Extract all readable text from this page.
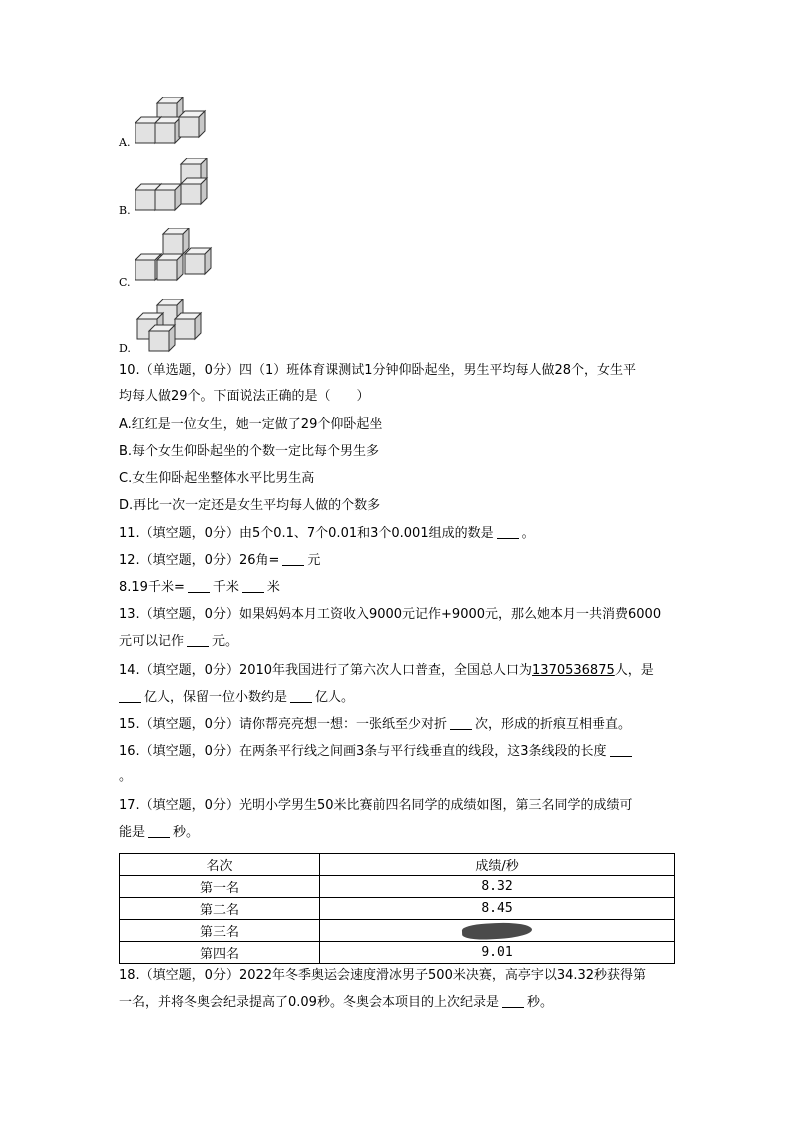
A.
B.
C.
D.
10.（单选题，0分）四（1）班体育课测试1分钟仰卧起坐，男生平均每人做28个，女生平
均每人做29个。下面说法正确的是（　　）
A.红红是一位女生，她一定做了29个仰卧起坐
B.每个女生仰卧起坐的个数一定比每个男生多
C.女生仰卧起坐整体水平比男生高
D.再比一次一定还是女生平均每人做的个数多
11.（填空题，0分）由5个0.1、7个0.01和3个0.001组成的数是 。
12.（填空题，0分）26角= 元
8.19千米= 千米 米
13.（填空题，0分）如果妈妈本月工资收入9000元记作+9000元，那么她本月一共消费6000
元可以记作 元。
14.（填空题，0分）2010年我国进行了第六次人口普查，全国总人口为1370536875人，是
亿人，保留一位小数约是 亿人。
15.（填空题，0分）请你帮亮亮想一想：一张纸至少对折 次，形成的折痕互相垂直。
16.（填空题，0分）在两条平行线之间画3条与平行线垂直的线段，这3条线段的长度
。
17.（填空题，0分）光明小学男生50米比赛前四名同学的成绩如图，第三名同学的成绩可
能是 秒。
名次	成绩/秒
第一名	8.32
第二名	8.45
第三名	
第四名	9.01
18.（填空题，0分）2022年冬季奥运会速度滑冰男子500米决赛，高亭宇以34.32秒获得第
一名，并将冬奥会纪录提高了0.09秒。冬奥会本项目的上次纪录是 秒。
